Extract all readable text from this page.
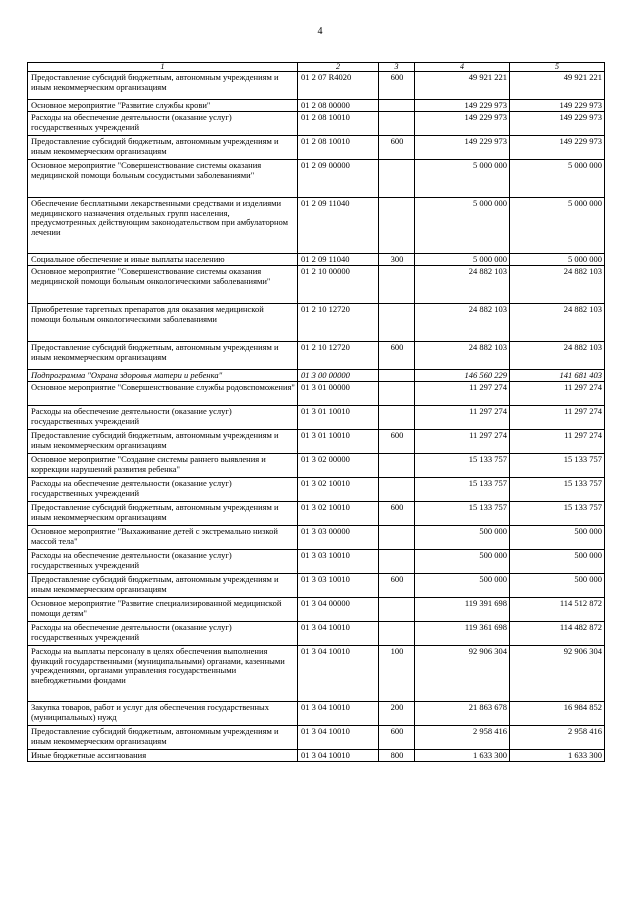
4
1	2	3	4	5
Предоставление субсидий бюджетным, автономным учреждениям и иным некоммерческим организациям	01 2 07 R4020	600	49 921 221	49 921 221
Основное мероприятие "Развитие службы крови"	01 2 08 00000		149 229 973	149 229 973
Расходы на обеспечение деятельности (оказание услуг) государственных учреждений	01 2 08 10010		149 229 973	149 229 973
Предоставление субсидий бюджетным, автономным учреждениям и иным некоммерческим организациям	01 2 08 10010	600	149 229 973	149 229 973
Основное мероприятие "Совершенствование системы оказания медицинской помощи больным сосудистыми заболеваниями"	01 2 09 00000		5 000 000	5 000 000
Обеспечение бесплатными лекарственными средствами и изделиями медицинского назначения отдельных групп населения, предусмотренных действующим законодательством при амбулаторном лечении	01 2 09 11040		5 000 000	5 000 000
Социальное обеспечение и иные выплаты населению	01 2 09 11040	300	5 000 000	5 000 000
Основное мероприятие "Совершенствование системы оказания медицинской помощи больным онкологическими заболеваниями"	01 2 10 00000		24 882 103	24 882 103
Приобретение таргетных препаратов для оказания медицинской помощи больным онкологическими заболеваниями	01 2 10 12720		24 882 103	24 882 103
Предоставление субсидий бюджетным, автономным учреждениям и иным некоммерческим организациям	01 2 10 12720	600	24 882 103	24 882 103
Подпрограмма "Охрана здоровья матери и ребенка"	01 3 00 00000		146 560 229	141 681 403
Основное мероприятие "Совершенствование службы родовспоможения"	01 3 01 00000		11 297 274	11 297 274
Расходы на обеспечение деятельности (оказание услуг) государственных учреждений	01 3 01 10010		11 297 274	11 297 274
Предоставление субсидий бюджетным, автономным учреждениям и иным некоммерческим организациям	01 3 01 10010	600	11 297 274	11 297 274
Основное мероприятие "Создание системы раннего выявления и коррекции нарушений развития ребенка"	01 3 02 00000		15 133 757	15 133 757
Расходы на обеспечение деятельности (оказание услуг) государственных учреждений	01 3 02 10010		15 133 757	15 133 757
Предоставление субсидий бюджетным, автономным учреждениям и иным некоммерческим организациям	01 3 02 10010	600	15 133 757	15 133 757
Основное мероприятие "Выхаживание детей с экстремально низкой массой тела"	01 3 03 00000		500 000	500 000
Расходы на обеспечение деятельности (оказание услуг) государственных учреждений	01 3 03 10010		500 000	500 000
Предоставление субсидий бюджетным, автономным учреждениям и иным некоммерческим организациям	01 3 03 10010	600	500 000	500 000
Основное мероприятие "Развитие специализированной медицинской помощи детям"	01 3 04 00000		119 391 698	114 512 872
Расходы на обеспечение деятельности (оказание услуг) государственных учреждений	01 3 04 10010		119 361 698	114 482 872
Расходы на выплаты персоналу в целях обеспечения выполнения функций государственными (муниципальными) органами, казенными учреждениями, органами управления государственными внебюджетными фондами	01 3 04 10010	100	92 906 304	92 906 304
Закупка товаров, работ и услуг для обеспечения государственных (муниципальных) нужд	01 3 04 10010	200	21 863 678	16 984 852
Предоставление субсидий бюджетным, автономным учреждениям и иным некоммерческим организациям	01 3 04 10010	600	2 958 416	2 958 416
Иные бюджетные ассигнования	01 3 04 10010	800	1 633 300	1 633 300
